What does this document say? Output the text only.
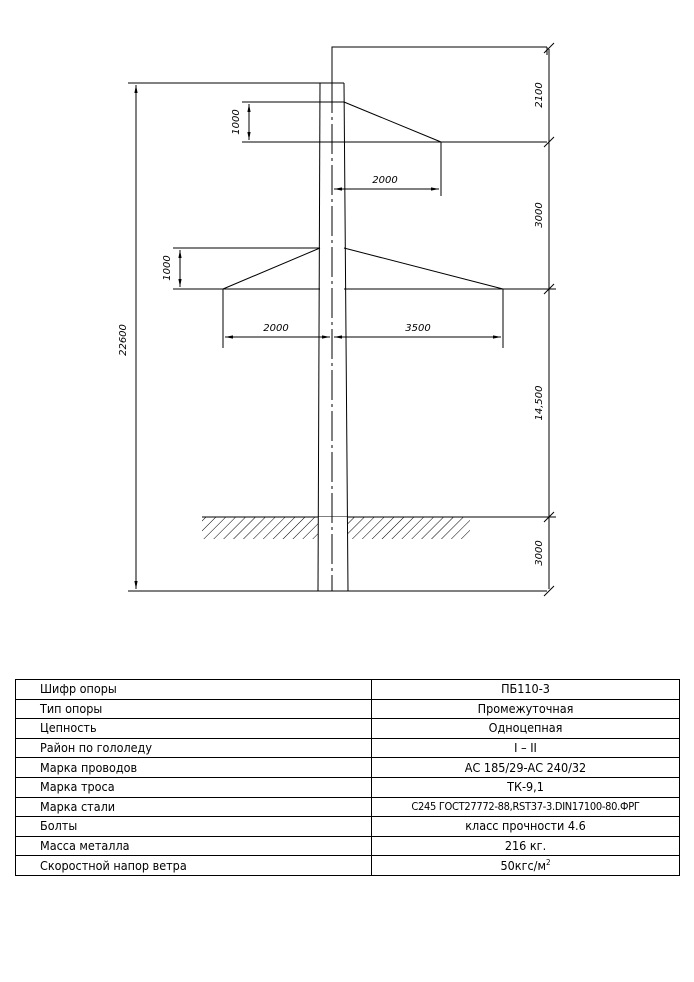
22600
2100
3000
14,500
3000
1000
1000
2000
2000	3500
Шифр опоры	ПБ110-3
Тип опоры	Промежуточная
Цепность	Одноцепная
Район по гололеду	I – II
Марка проводов	АС 185/29-АС 240/32
Марка троса	ТК-9,1
Марка стали	С245 ГОСТ27772-88,RST37-3.DIN17100-80.ФРГ
Болты	класс прочности 4.6
Масса металла	216 кг.
Скоростной напор ветра	$50кгс/м^2$
